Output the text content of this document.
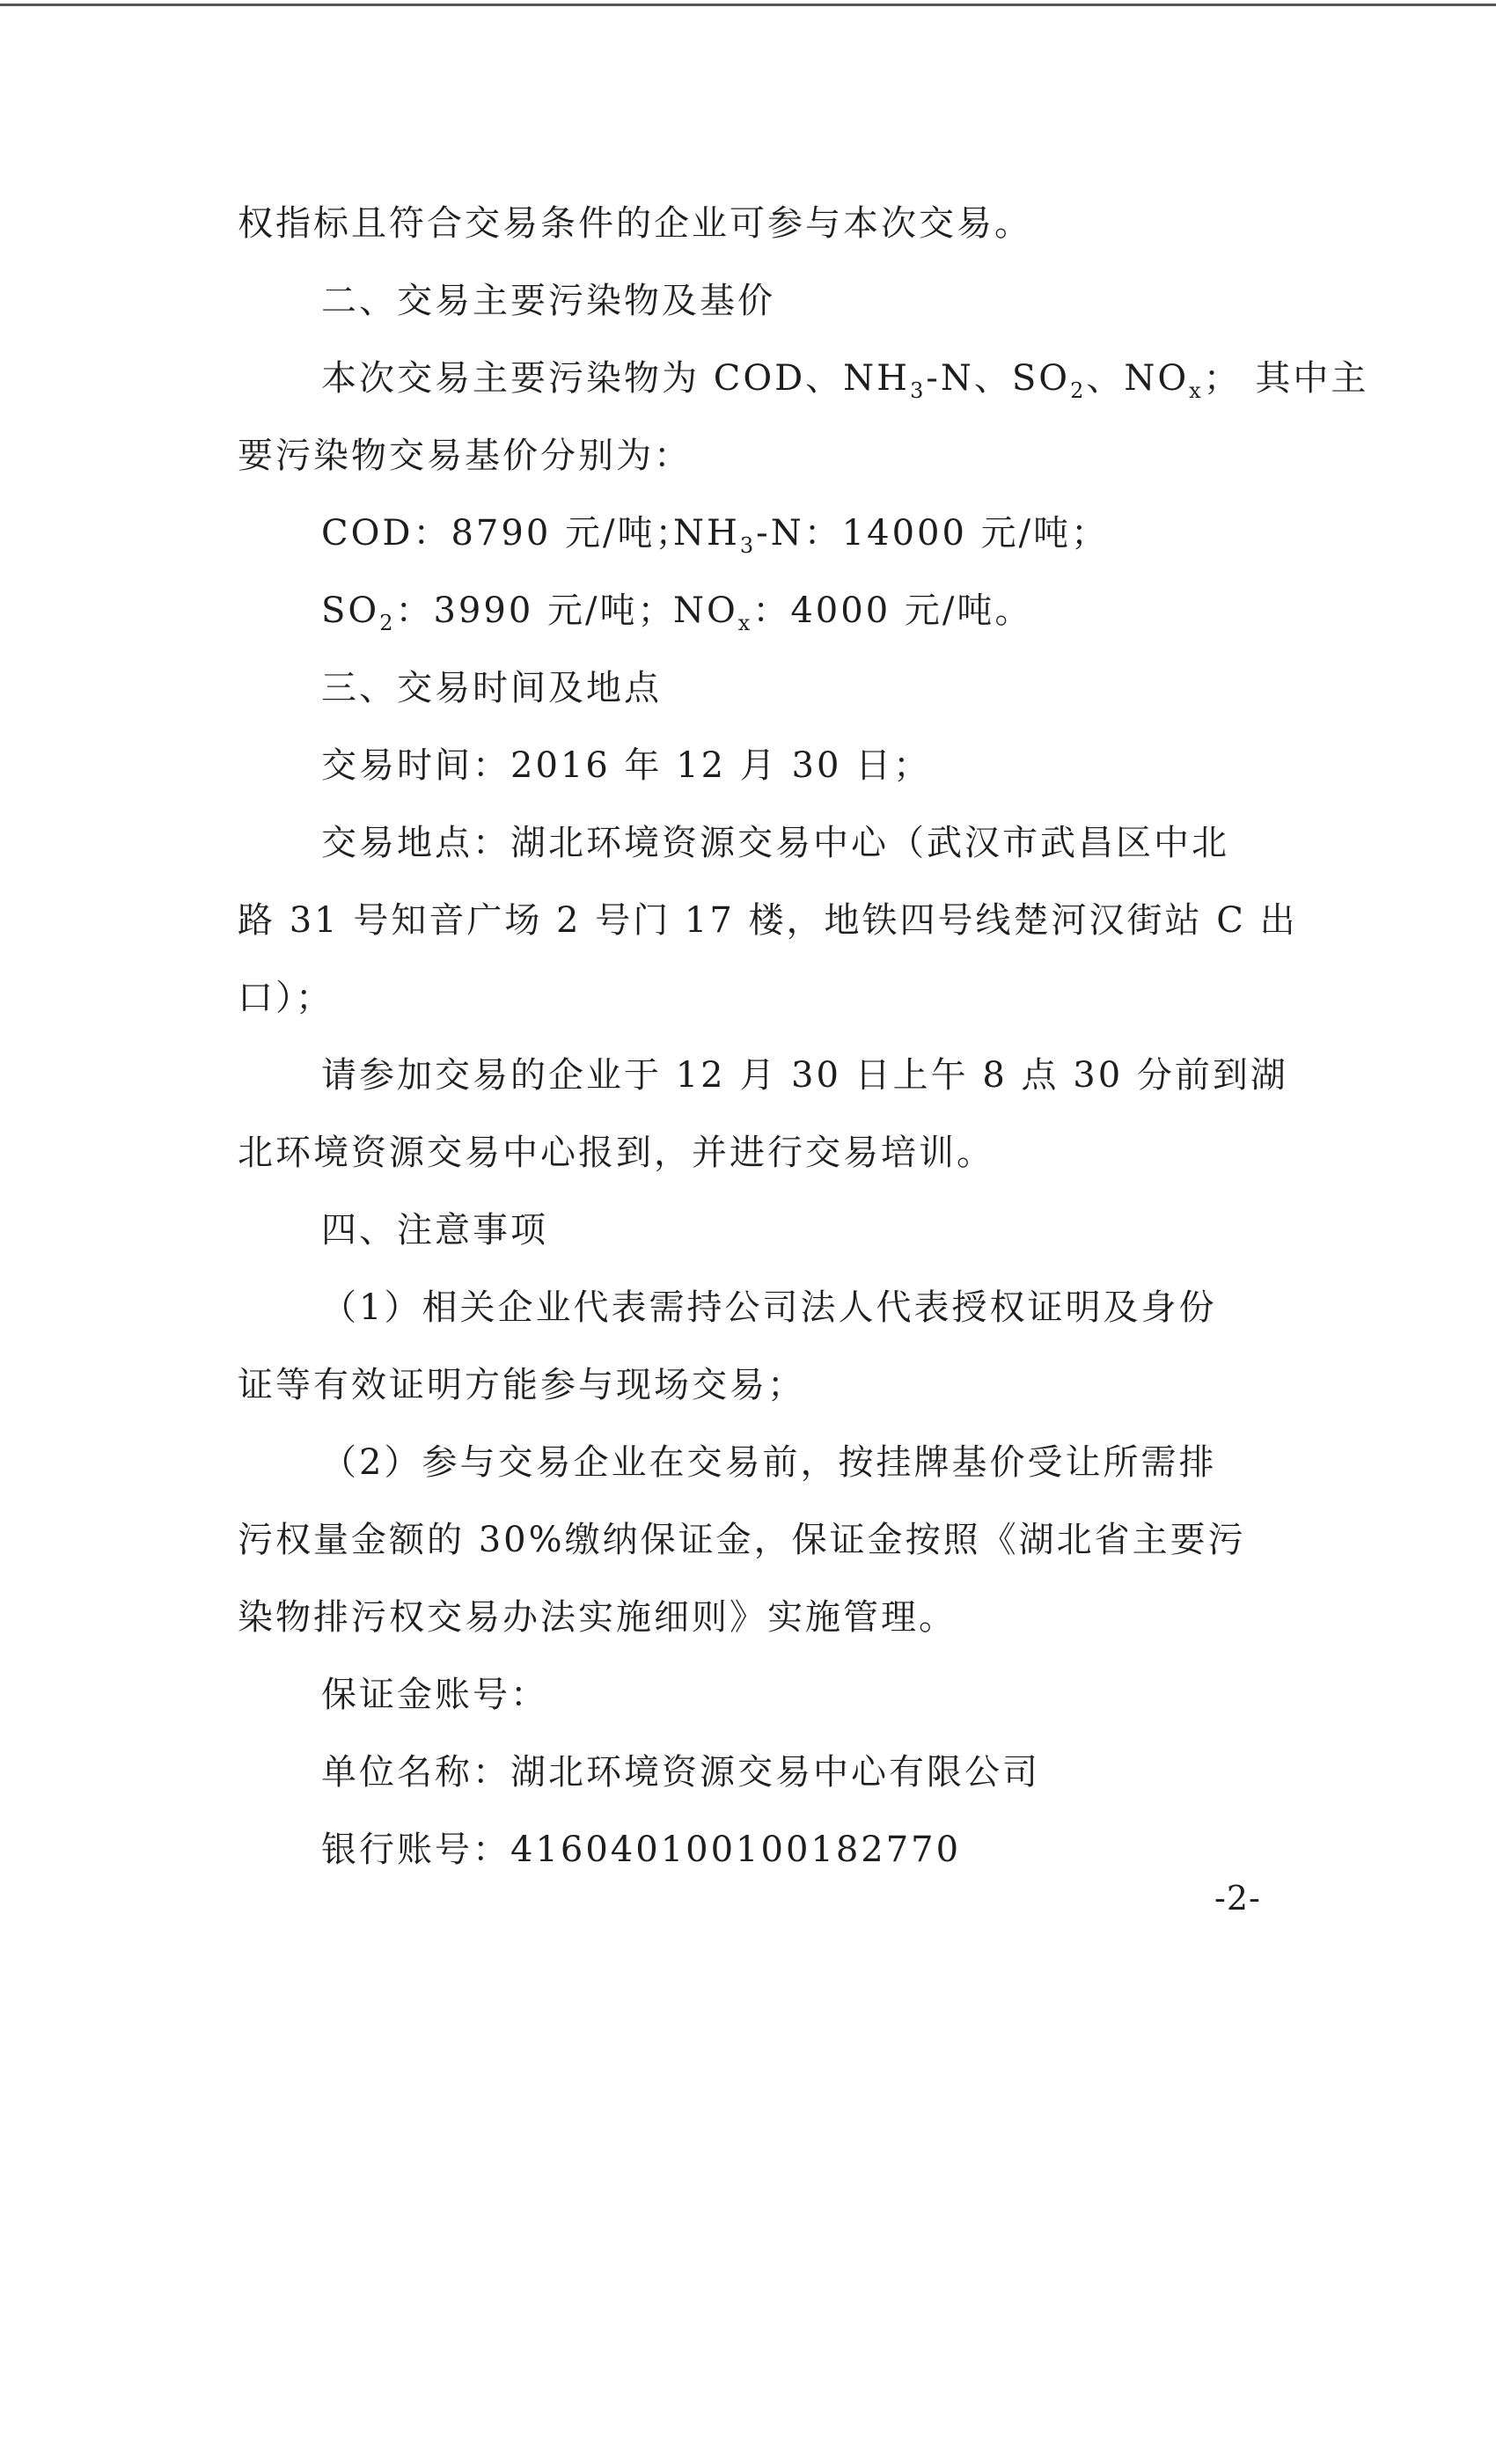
权指标且符合交易条件的企业可参与本次交易。
二、交易主要污染物及基价
本次交易主要污染物为 COD、$NH_3-N$、$SO_2$、$NO_x$； 其中主
要污染物交易基价分别为：
COD：8790 元/吨；
$NH_3-N$：14000 元/吨；
$SO_2$：3990 元/吨；
$NO_x$：4000 元/吨。
三、交易时间及地点
交易时间：2016 年 12 月 30 日；
交易地点：湖北环境资源交易中心（武汉市武昌区中北
路 31 号知音广场 2 号门 17 楼，地铁四号线楚河汉街站 C 出
口）；
请参加交易的企业于 12 月 30 日上午 8 点 30 分前到湖
北环境资源交易中心报到，并进行交易培训。
四、注意事项
（1）相关企业代表需持公司法人代表授权证明及身份
证等有效证明方能参与现场交易；
（2）参与交易企业在交易前，按挂牌基价受让所需排
污权量金额的 30%缴纳保证金，保证金按照《湖北省主要污
染物排污权交易办法实施细则》实施管理。
保证金账号：
单位名称：湖北环境资源交易中心有限公司
银行账号：416040100100182770
-2-
